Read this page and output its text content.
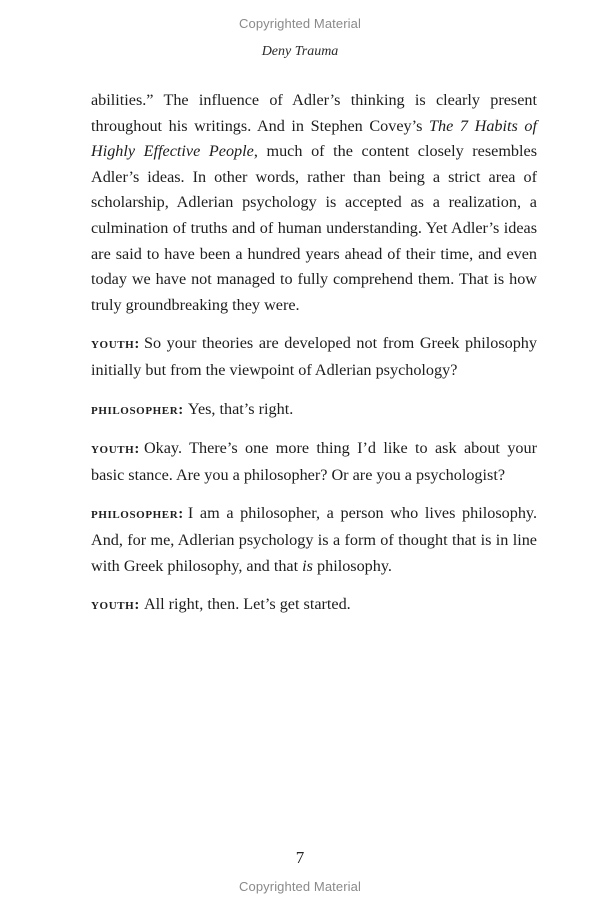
Copyrighted Material
Deny Trauma

abilities.” The influence of Adler’s thinking is clearly present throughout his writings. And in Stephen Covey’s The 7 Habits of Highly Effective People, much of the content closely resembles Adler’s ideas. In other words, rather than being a strict area of scholarship, Adlerian psychology is accepted as a realization, a culmination of truths and of human understanding. Yet Adler’s ideas are said to have been a hundred years ahead of their time, and even today we have not managed to fully comprehend them. That is how truly groundbreaking they were.

youth: So your theories are developed not from Greek philosophy initially but from the viewpoint of Adlerian psychology?

philosopher: Yes, that’s right.

youth: Okay. There’s one more thing I’d like to ask about your basic stance. Are you a philosopher? Or are you a psychologist?

philosopher: I am a philosopher, a person who lives philosophy. And, for me, Adlerian psychology is a form of thought that is in line with Greek philosophy, and that is philosophy.

youth: All right, then. Let’s get started.

7
Copyrighted Material
